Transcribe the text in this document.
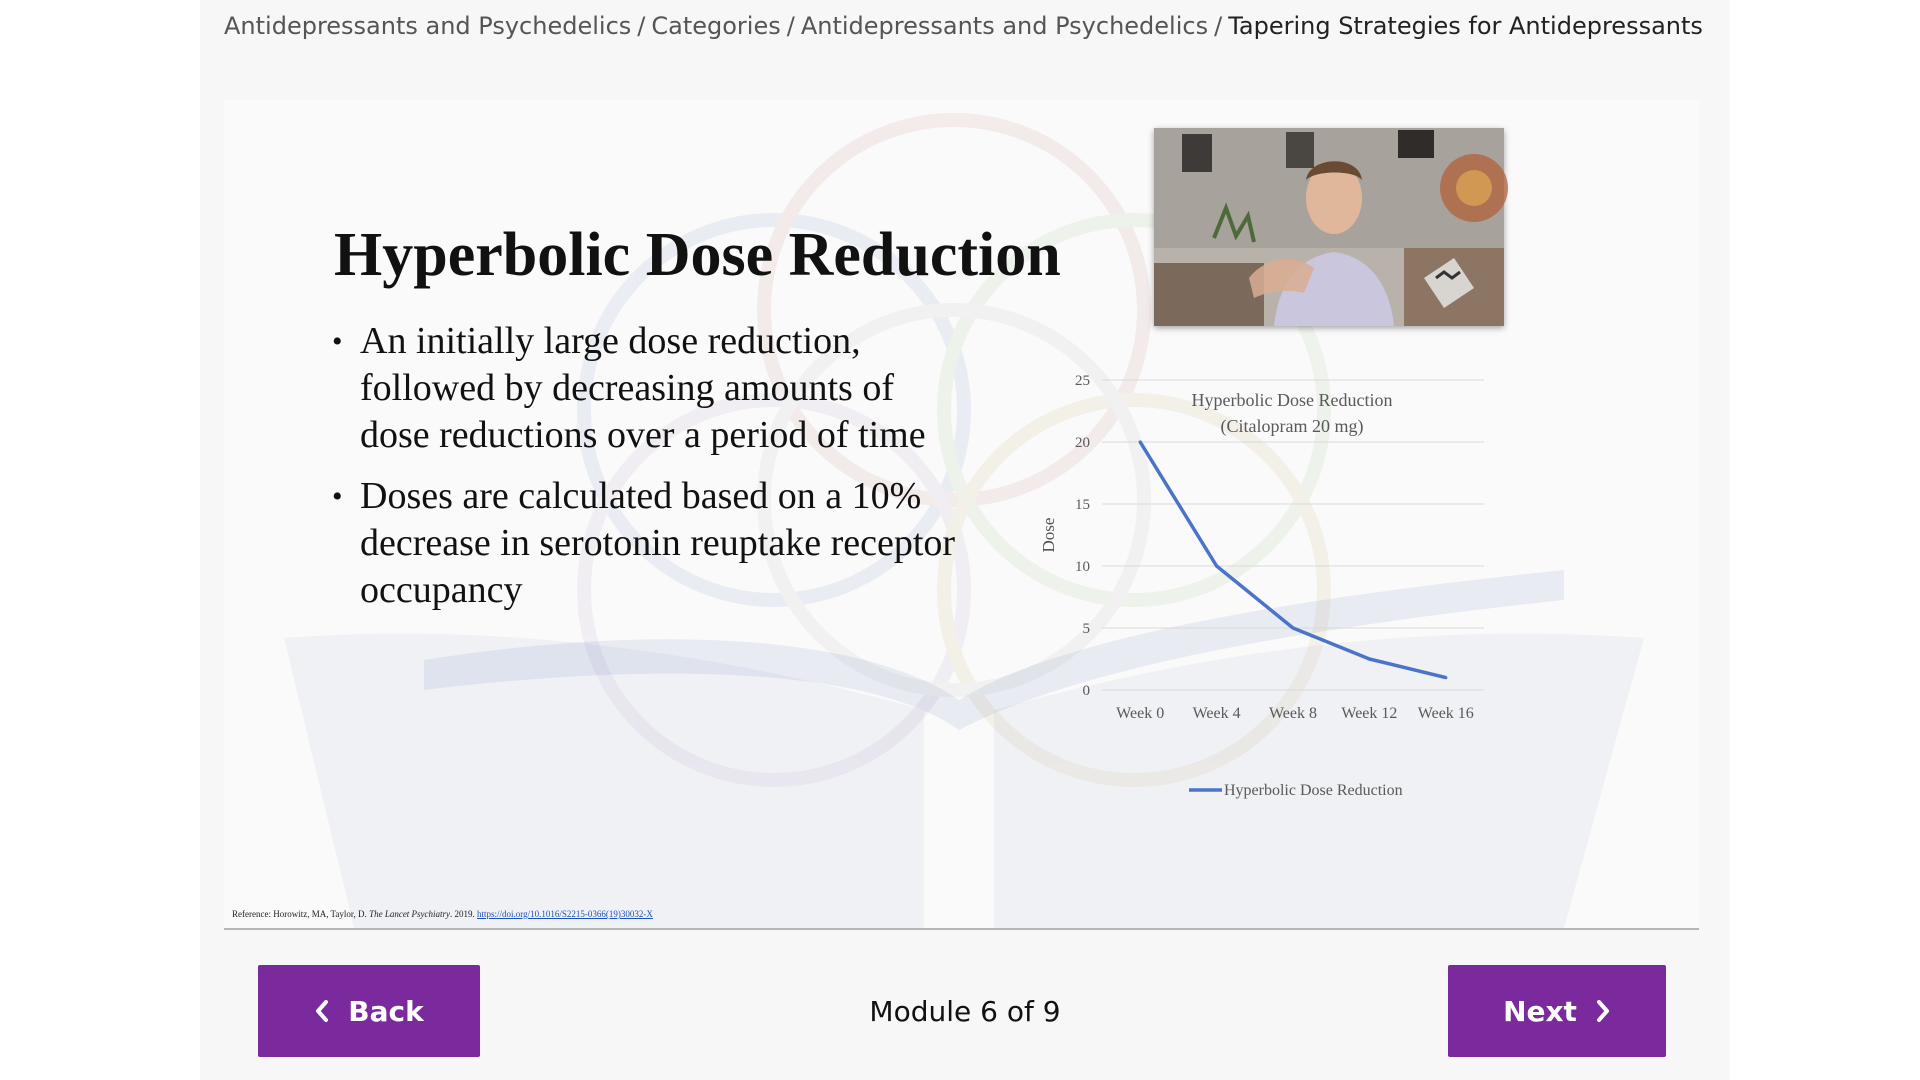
Antidepressants and Psychedelics / Categories / Antidepressants and Psychedelics / Tapering Strategies for Antidepressants
Hyperbolic Dose Reduction
• An initially large dose reduction, followed by decreasing amounts of dose reductions over a period of time
• Doses are calculated based on a 10% decrease in serotonin reuptake receptor occupancy
0
5
10
15
20
25
Week 0 Week 4 Week 8 Week 12 Week 16
Dose
Hyperbolic Dose Reduction
(Citalopram 20 mg)
Hyperbolic Dose Reduction
Reference: Horowitz, MA, Taylor, D. The Lancet Psychiatry. 2019. https://doi.org/10.1016/S2215-0366(19)30032-X
Back	Module 6 of 9	Next
